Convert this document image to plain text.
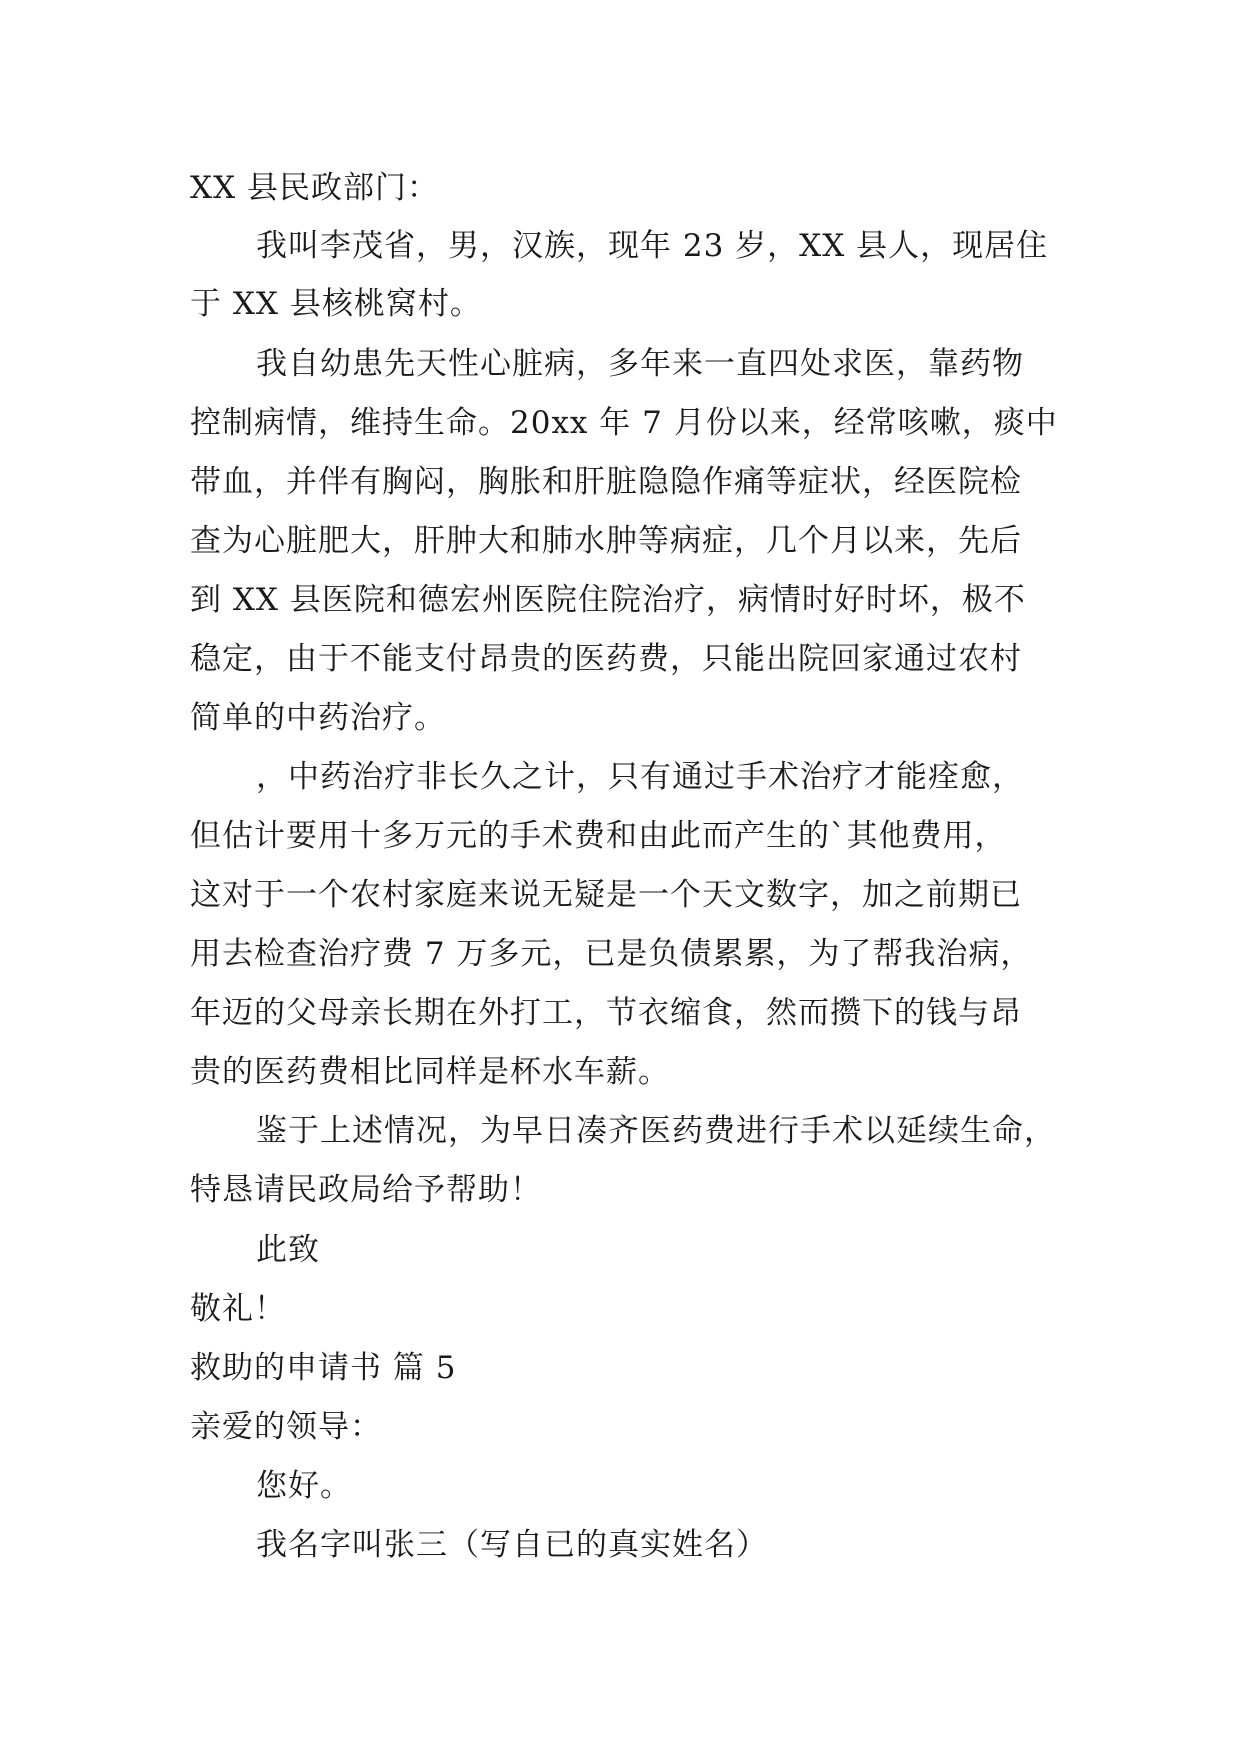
XX 县民政部门：
我叫李茂省，男，汉族，现年 23 岁，XX 县人，现居住
于 XX 县核桃窝村。
我自幼患先天性心脏病，多年来一直四处求医，靠药物
控制病情，维持生命。20xx 年 7 月份以来，经常咳嗽，痰中
带血，并伴有胸闷，胸胀和肝脏隐隐作痛等症状，经医院检
查为心脏肥大，肝肿大和肺水肿等病症，几个月以来，先后
到 XX 县医院和德宏州医院住院治疗，病情时好时坏，极不
稳定，由于不能支付昂贵的医药费，只能出院回家通过农村
简单的中药治疗。
，中药治疗非长久之计，只有通过手术治疗才能痊愈，
但估计要用十多万元的手术费和由此而产生的`其他费用，
这对于一个农村家庭来说无疑是一个天文数字，加之前期已
用去检查治疗费 7 万多元，已是负债累累，为了帮我治病，
年迈的父母亲长期在外打工，节衣缩食，然而攒下的钱与昂
贵的医药费相比同样是杯水车薪。
鉴于上述情况，为早日凑齐医药费进行手术以延续生命，
特恳请民政局给予帮助！
此致
敬礼！
救助的申请书 篇 5
亲爱的领导：
您好。
我名字叫张三（写自已的真实姓名）
